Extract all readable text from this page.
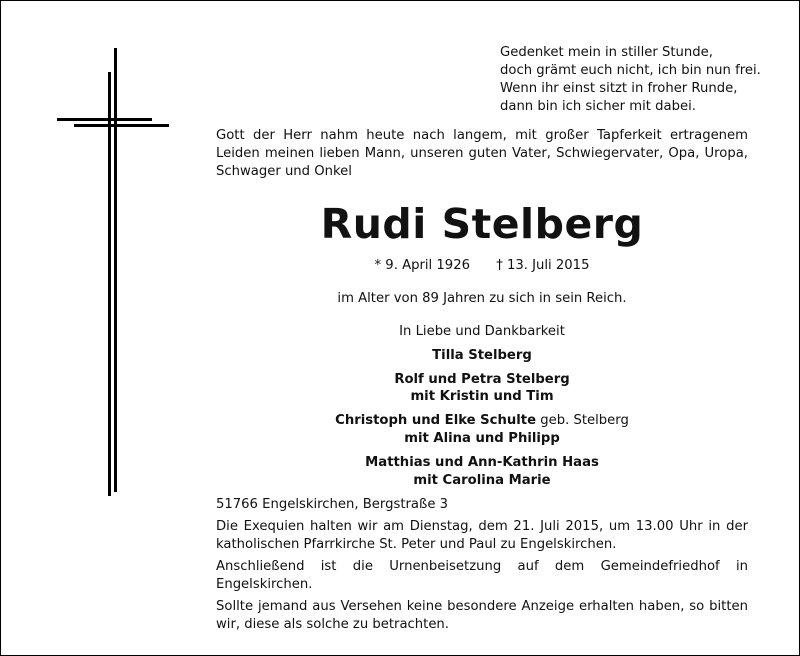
Gedenket mein in stiller Stunde,
doch grämt euch nicht, ich bin nun frei.
Wenn ihr einst sitzt in froher Runde,
dann bin ich sicher mit dabei.
Gott der Herr nahm heute nach langem, mit großer Tapferkeit ertragenem Leiden meinen lieben Mann, unseren guten Vater, Schwiegervater, Opa, Uropa, Schwager und Onkel
Rudi Stelberg
* 9. April 1926 † 13. Juli 2015
im Alter von 89 Jahren zu sich in sein Reich.
In Liebe und Dankbarkeit
Tilla Stelberg
Rolf und Petra Stelberg
mit Kristin und Tim
Christoph und Elke Schulte geb. Stelberg
mit Alina und Philipp
Matthias und Ann-Kathrin Haas
mit Carolina Marie

51766 Engelskirchen, Bergstraße 3

Die Exequien halten wir am Dienstag, dem 21. Juli 2015, um 13.00 Uhr in der katholischen Pfarrkirche St. Peter und Paul zu Engelskirchen.

Anschließend ist die Urnenbeisetzung auf dem Gemeindefriedhof in Engelskirchen.

Sollte jemand aus Versehen keine besondere Anzeige erhalten haben, so bitten wir, diese als solche zu betrachten.
